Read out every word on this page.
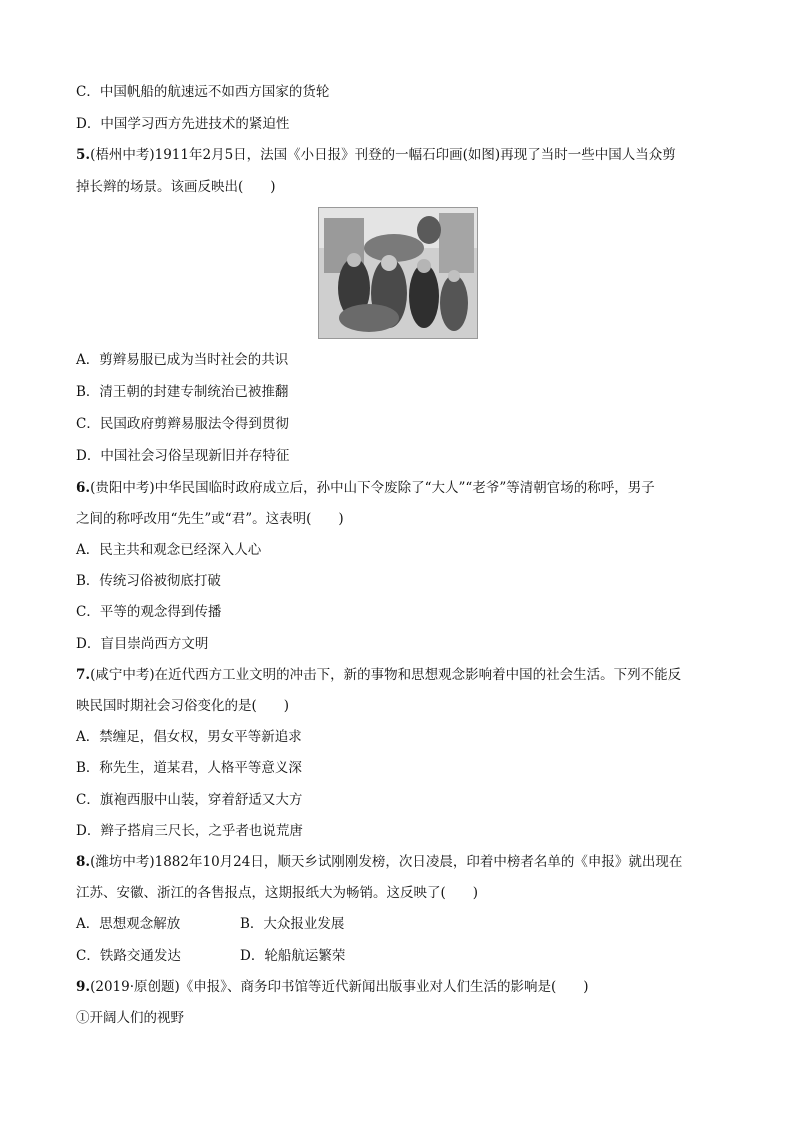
C．中国帆船的航速远不如西方国家的货轮
D．中国学习西方先进技术的紧迫性
5.(梧州中考)1911年2月5日，法国《小日报》刊登的一幅石印画(如图)再现了当时一些中国人当众剪
掉长辫的场景。该画反映出(　　)
A．剪辫易服已成为当时社会的共识
B．清王朝的封建专制统治已被推翻
C．民国政府剪辫易服法令得到贯彻
D．中国社会习俗呈现新旧并存特征
6.(贵阳中考)中华民国临时政府成立后，孙中山下令废除了“大人”“老爷”等清朝官场的称呼，男子
之间的称呼改用“先生”或“君”。这表明(　　)
A．民主共和观念已经深入人心
B．传统习俗被彻底打破
C．平等的观念得到传播
D．盲目崇尚西方文明
7.(咸宁中考)在近代西方工业文明的冲击下，新的事物和思想观念影响着中国的社会生活。下列不能反
映民国时期社会习俗变化的是(　　)
A．禁缠足，倡女权，男女平等新追求
B．称先生，道某君，人格平等意义深
C．旗袍西服中山装，穿着舒适又大方
D．辫子搭肩三尺长，之乎者也说荒唐
8.(潍坊中考)1882年10月24日，顺天乡试刚刚发榜，次日凌晨，印着中榜者名单的《申报》就出现在
江苏、安徽、浙江的各售报点，这期报纸大为畅销。这反映了(　　)
A．思想观念解放	B．大众报业发展
C．铁路交通发达	D．轮船航运繁荣
9.(2019·原创题)《申报》、商务印书馆等近代新闻出版事业对人们生活的影响是(　　)
①开阔人们的视野
